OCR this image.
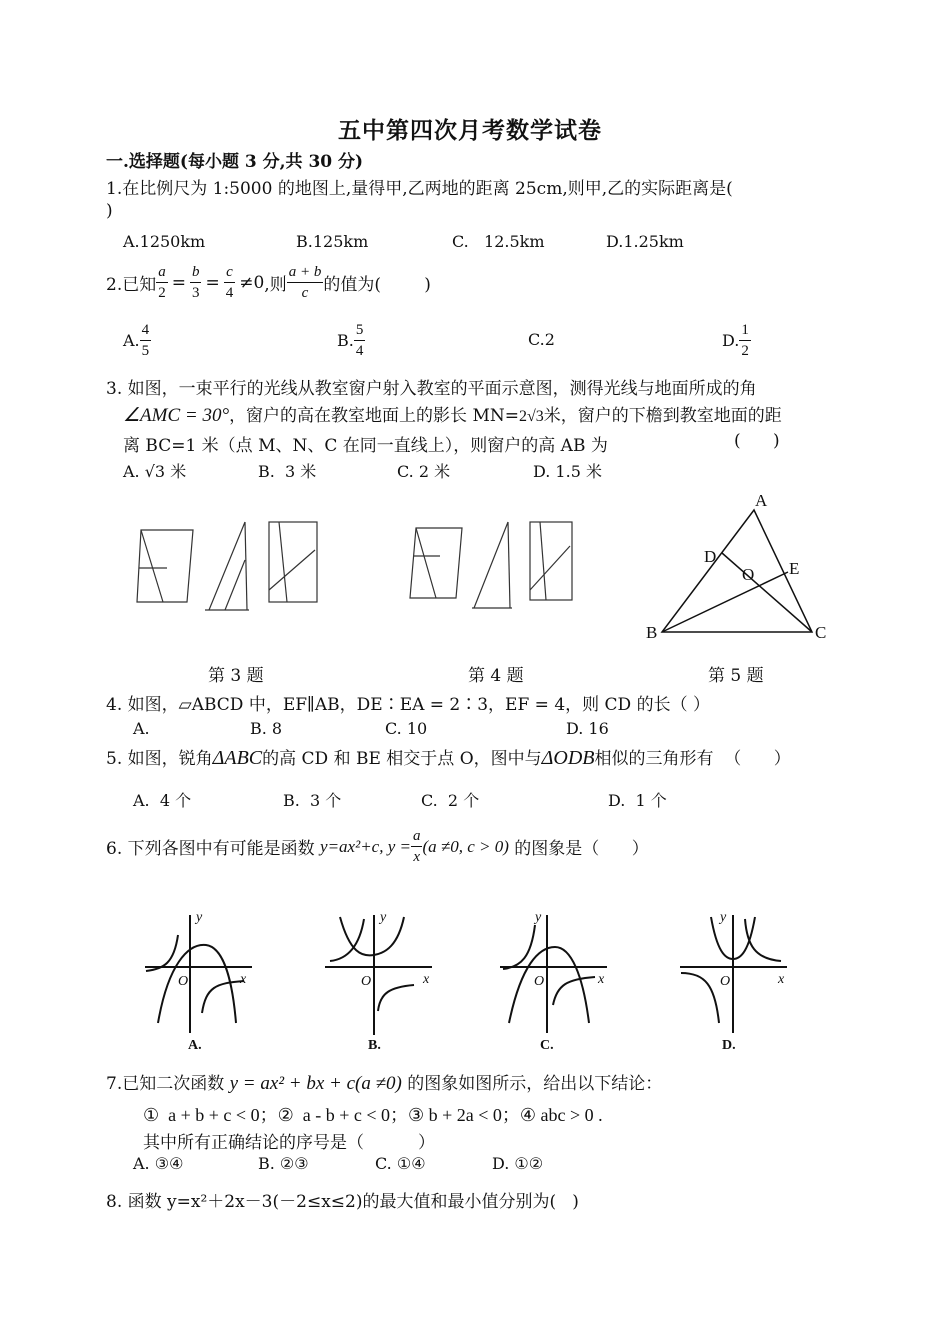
五中第四次月考数学试卷
一.选择题(每小题 3 分,共 30 分)
1.在比例尺为 1:5000 的地图上,量得甲,乙两地的距离 25cm,则甲,乙的实际距离是(
)
A.1250km	B.125km	C.   12.5km	D.1.25km
2.已知 $\frac{a}{2} = \frac{b}{3} = \frac{c}{4} \ne 0$ ,则 $\frac{a + b}{c}$ 的值为(        )
A. $\frac{4}{5}$	B. $\frac{5}{4}$	C.2	D. $\frac{1}{2}$
3. 如图，一束平行的光线从教室窗户射入教室的平面示意图，测得光线与地面所成的角
∠AMC = 30° ，窗户的高在教室地面上的影长 MN= 2√3 米，窗户的下檐到教室地面的距
离 BC=1 米（点 M、N、C 在同一直线上），则窗户的高 AB 为	(      )
A. √3 米	B.  3 米	C. 2 米	D. 1.5 米
A
D
O E
B	C
第 3 题	第 4 题	第 5 题
4. 如图，▱ABCD 中，EF∥AB，DE∶EA = 2∶3，EF = 4，则 CD 的长（ ）
A.	B. 8	C. 10	D. 16
5. 如图，锐角 ΔABC 的高 CD 和 BE 相交于点 O，图中与 ΔODB 相似的三角形有  （      ）
A.  4 个	B.  3 个	C.  2 个	D.  1 个
6. 下列各图中有可能是函数 y=ax²+c, $y = \frac{a}{x} (a \ne 0$, c > 0) 的图象是（      ）
y
x
O
y
x
O
y
x
O
y
x
O
A.	B.	C.	D.
7.已知二次函数 y = ax² + bx + c(a ≠0) 的图象如图所示，给出以下结论：
①  a + b + c < 0；②  a - b + c < 0；③ b + 2a < 0；④ abc > 0 .
其中所有正确结论的序号是（          ）
A. ③④	B. ②③	C. ①④	D. ①②
8. 函数 y=x²＋2x－3(－2≤x≤2)的最大值和最小值分别为(   )
